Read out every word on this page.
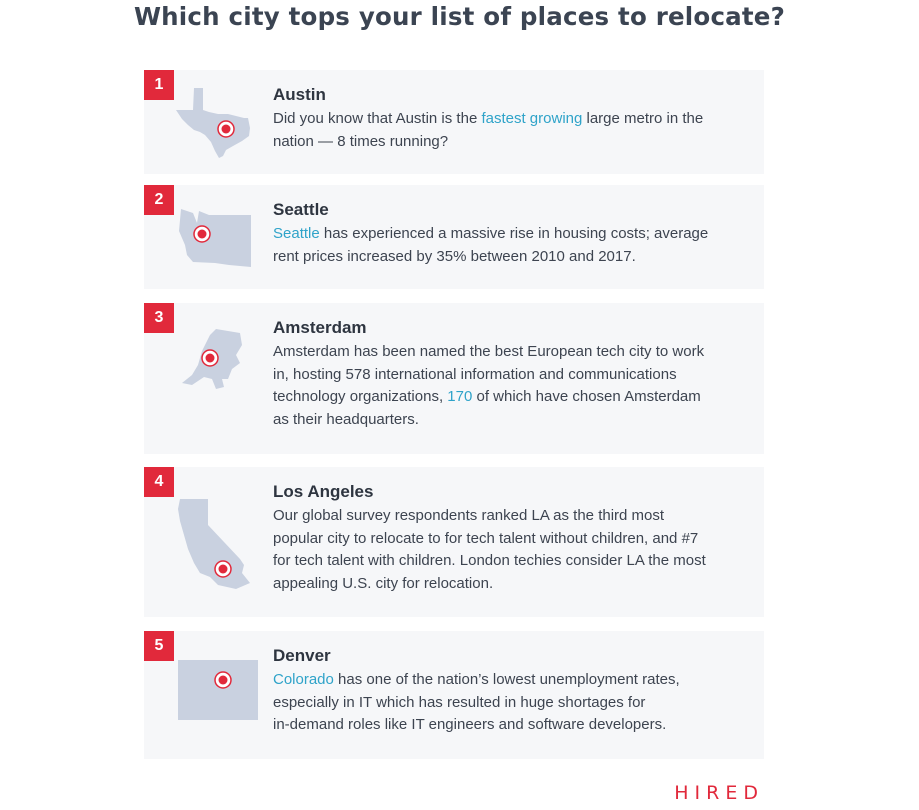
Which city tops your list of places to relocate?
1
Austin
Did you know that Austin is the fastest growing large metro in the
nation — 8 times running?
2
Seattle
Seattle has experienced a massive rise in housing costs; average
rent prices increased by 35% between 2010 and 2017.
3
Amsterdam
Amsterdam has been named the best European tech city to work
in, hosting 578 international information and communications
technology organizations, 170 of which have chosen Amsterdam
as their headquarters.
4
Los Angeles
Our global survey respondents ranked LA as the third most
popular city to relocate to for tech talent without children, and #7
for tech talent with children. London techies consider LA the most
appealing U.S. city for relocation.
5
Denver
Colorado has one of the nation’s lowest unemployment rates,
especially in IT which has resulted in huge shortages for
in-demand roles like IT engineers and software developers.
HIRED
